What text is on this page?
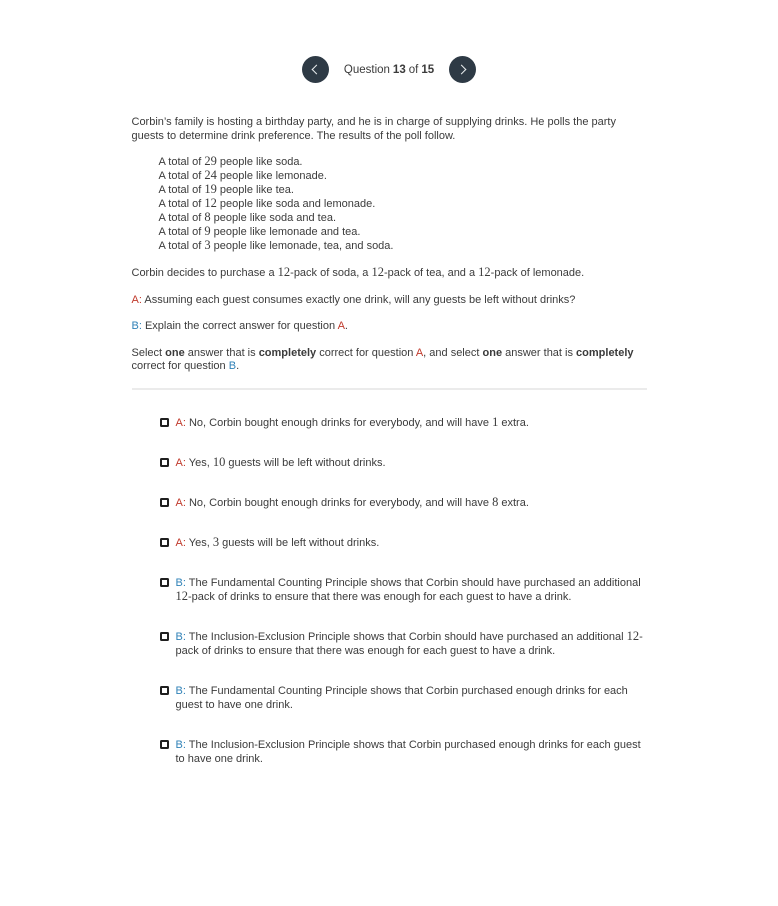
Question 13 of 15

Corbin’s family is hosting a birthday party, and he is in charge of supplying drinks. He polls the party guests to determine drink preference. The results of the poll follow.

A total of 29 people like soda.
A total of 24 people like lemonade.
A total of 19 people like tea.
A total of 12 people like soda and lemonade.
A total of 8 people like soda and tea.
A total of 9 people like lemonade and tea.
A total of 3 people like lemonade, tea, and soda.

Corbin decides to purchase a 12-pack of soda, a 12-pack of tea, and a 12-pack of lemonade.

A: Assuming each guest consumes exactly one drink, will any guests be left without drinks?

B: Explain the correct answer for question A.

Select one answer that is completely correct for question A, and select one answer that is completely correct for question B.

A: No, Corbin bought enough drinks for everybody, and will have 1 extra.
A: Yes, 10 guests will be left without drinks.
A: No, Corbin bought enough drinks for everybody, and will have 8 extra.
A: Yes, 3 guests will be left without drinks.
B: The Fundamental Counting Principle shows that Corbin should have purchased an additional 12-pack of drinks to ensure that there was enough for each guest to have a drink.
B: The Inclusion-Exclusion Principle shows that Corbin should have purchased an additional 12-pack of drinks to ensure that there was enough for each guest to have a drink.
B: The Fundamental Counting Principle shows that Corbin purchased enough drinks for each guest to have one drink.
B: The Inclusion-Exclusion Principle shows that Corbin purchased enough drinks for each guest to have one drink.
